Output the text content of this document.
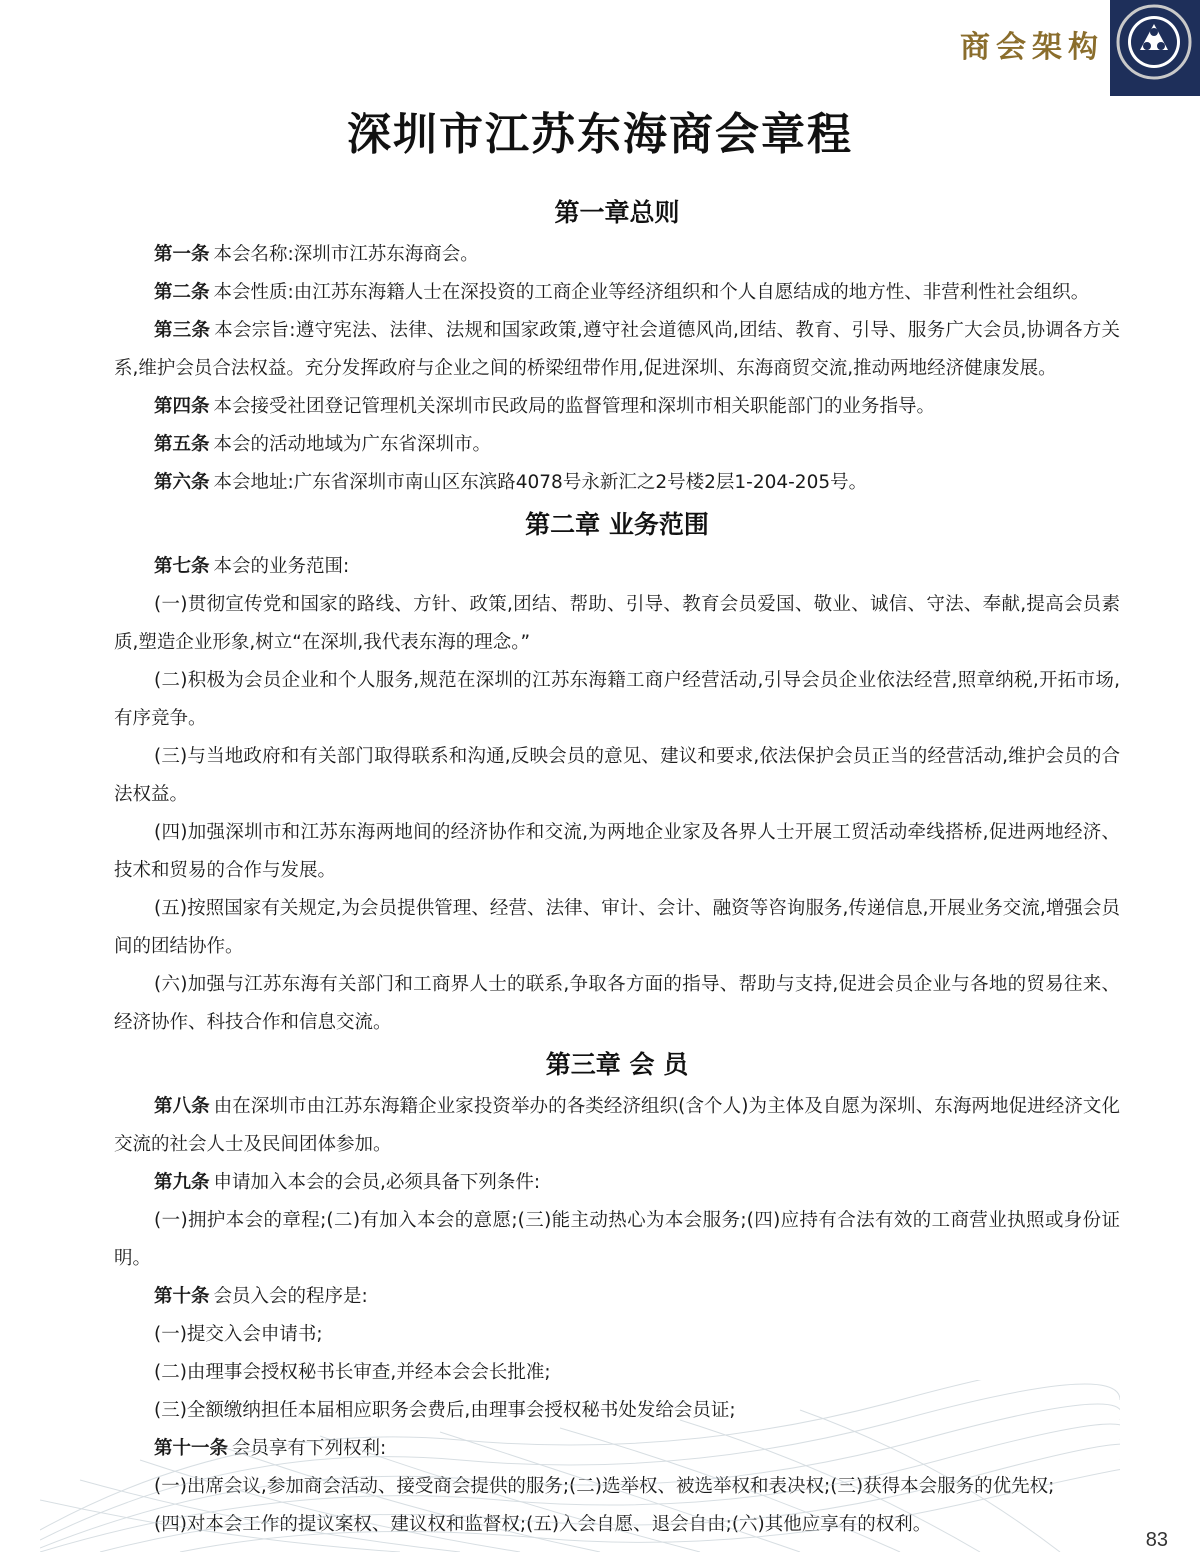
商会架构
深圳市江苏东海商会章程
第一章总则

第一条 本会名称:深圳市江苏东海商会。

第二条 本会性质:由江苏东海籍人士在深投资的工商企业等经济组织和个人自愿结成的地方性、非营利性社会组织。

第三条 本会宗旨:遵守宪法、法律、法规和国家政策,遵守社会道德风尚,团结、教育、引导、服务广大会员,协调各方关系,维护会员合法权益。充分发挥政府与企业之间的桥梁纽带作用,促进深圳、东海商贸交流,推动两地经济健康发展。

第四条 本会接受社团登记管理机关深圳市民政局的监督管理和深圳市相关职能部门的业务指导。

第五条 本会的活动地域为广东省深圳市。

第六条 本会地址:广东省深圳市南山区东滨路4078号永新汇之2号楼2层1-204-205号。

第二章 业务范围

第七条 本会的业务范围:

(一)贯彻宣传党和国家的路线、方针、政策,团结、帮助、引导、教育会员爱国、敬业、诚信、守法、奉献,提高会员素质,塑造企业形象,树立“在深圳,我代表东海的理念。”

(二)积极为会员企业和个人服务,规范在深圳的江苏东海籍工商户经营活动,引导会员企业依法经营,照章纳税,开拓市场,有序竞争。

(三)与当地政府和有关部门取得联系和沟通,反映会员的意见、建议和要求,依法保护会员正当的经营活动,维护会员的合法权益。

(四)加强深圳市和江苏东海两地间的经济协作和交流,为两地企业家及各界人士开展工贸活动牵线搭桥,促进两地经济、技术和贸易的合作与发展。

(五)按照国家有关规定,为会员提供管理、经营、法律、审计、会计、融资等咨询服务,传递信息,开展业务交流,增强会员间的团结协作。

(六)加强与江苏东海有关部门和工商界人士的联系,争取各方面的指导、帮助与支持,促进会员企业与各地的贸易往来、经济协作、科技合作和信息交流。

第三章 会 员

第八条 由在深圳市由江苏东海籍企业家投资举办的各类经济组织(含个人)为主体及自愿为深圳、东海两地促进经济文化交流的社会人士及民间团体参加。

第九条 申请加入本会的会员,必须具备下列条件:

(一)拥护本会的章程;(二)有加入本会的意愿;(三)能主动热心为本会服务;(四)应持有合法有效的工商营业执照或身份证明。

第十条 会员入会的程序是:

(一)提交入会申请书;

(二)由理事会授权秘书长审查,并经本会会长批准;

(三)全额缴纳担任本届相应职务会费后,由理事会授权秘书处发给会员证;

第十一条 会员享有下列权利:

(一)出席会议,参加商会活动、接受商会提供的服务;(二)选举权、被选举权和表决权;(三)获得本会服务的优先权;

(四)对本会工作的提议案权、建议权和监督权;(五)入会自愿、退会自由;(六)其他应享有的权利。

83
